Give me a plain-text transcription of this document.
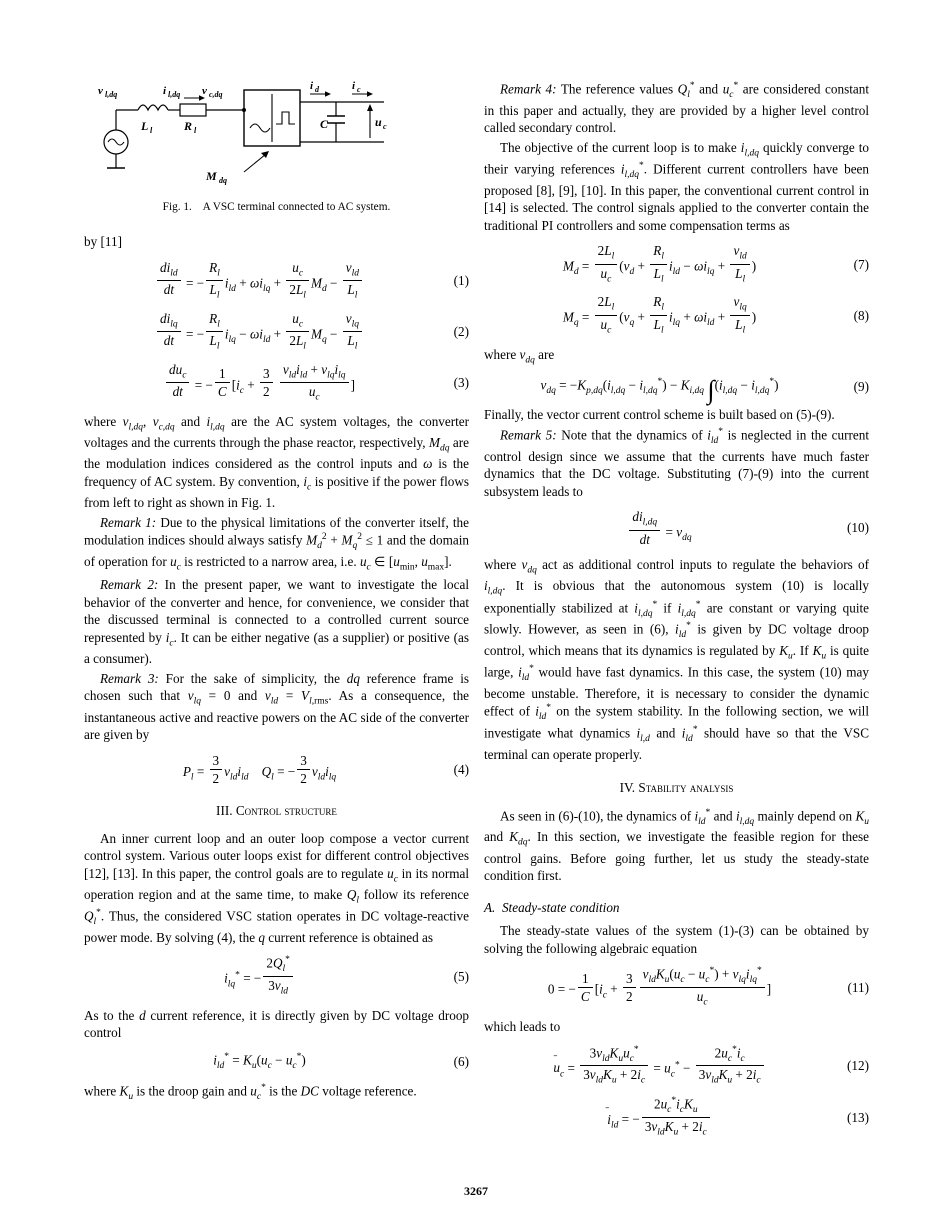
v l,dq	i l,dq v c,dq
i d	i c
L l	R l	C	u c
M dq
Fig. 1. A VSC terminal connected to AC system.

by [11]

$\frac{di_{ld}}{dt}$ = − $\frac{R_l}{L_l} i_{ld} + \omega i_{lq} + \frac{u_c}{2L_l} M_d - \frac{v_{ld}}{L_l}$	(1)
$\frac{di_{lq}}{dt}$ = − $\frac{R_l}{L_l} i_{lq} - \omega i_{ld} + \frac{u_c}{2L_l} M_q - \frac{v_{lq}}{L_l}$	(2)
$\frac{du_c}{dt}$ = − $\frac{1}{C} [i_c + \frac{3}{2}$
$\frac{v_{ld}i_{ld} + v_{lq}i_{lq}}{u_c}$ ]	(3)

where $v_{l,dq}$, $v_{c,dq}$ and $i_{l,dq}$ are the AC system voltages, the converter voltages and the currents through the phase reactor, respectively, $M_{dq}$ are the modulation indices considered as the control inputs and ω is the frequency of AC system. By convention, $i_c$ is positive if the power flows from left to right as shown in Fig. 1.

Remark 1: Due to the physical limitations of the converter itself, the modulation indices should always satisfy $M_d^2 + M_q^2 \le 1$ and the domain of operation for $u_c$ is restricted to a narrow area, i.e. $u_c$ ∈ [$u_{min}$, $u_{max}$].

Remark 2: In the present paper, we want to investigate the local behavior of the converter and hence, for convenience, we consider that the discussed terminal is connected to a controlled current source represented by $i_c$. It can be either negative (as a supplier) or positive (as a consumer).

Remark 3: For the sake of simplicity, the dq reference frame is chosen such that $v_{lq} = 0$ and $v_{ld} = V_{l,rms}$. As a consequence, the instantaneous active and reactive powers on the AC side of the converter are given by

$P_l = \frac{3}{2} v_{ld}i_{ld}$ $Q_l$ = − $\frac{3}{2} v_{ld}i_{lq}$
(4)

III. Control structure

An inner current loop and an outer loop compose a vector current control system. Various outer loops exist for different control objectives [12], [13]. In this paper, the control goals are to regulate $u_c$ in its normal operation region and at the same time, to make $Q_l$ follow its reference $Q_l^*$. Thus, the considered VSC station operates in DC voltage-reactive power mode. By solving (4), the q current reference is obtained as

$i_{lq}^*$ = − $\frac{2Q_l^*}{3v_{ld}}$	(5)

As to the d current reference, it is directly given by DC voltage droop control

$i_{ld}^* = K_u(u_c - u_c^*)$	(6)

where $K_u$ is the droop gain and $u_c^*$ is the DC voltage reference.

Remark 4: The reference values $Q_l^*$ and $u_c^*$ are considered constant in this paper and actually, they are provided by a higher level control called secondary control.

The objective of the current loop is to make $i_{l,dq}$ quickly converge to their varying references $i_{l,dq}^*$. Different current controllers have been proposed [8], [9], [10]. In this paper, the conventional current control in [14] is selected. The control signals applied to the converter contain the traditional PI controllers and some compensation terms as

$M_d = \frac{2L_l}{u_c} (v_d + \frac{R_l}{L_l} i_{ld} - \omega i_{lq} + \frac{v_{ld}}{L_l}$ )	(7)
$M_q = \frac{2L_l}{u_c} (v_q + \frac{R_l}{L_l} i_{lq} + \omega i_{ld} + \frac{v_{lq}}{L_l}$ )	(8)

where $v_{dq}$ are

$v_{dq} = -K_{p,dq}(i_{l,dq} - i_{l,dq}^*) - K_{i,dq}$ $\int(i_{l,dq} - i_{l,dq}^*)$	(9)

Finally, the vector current control scheme is built based on (5)-(9).

Remark 5: Note that the dynamics of $i_{ld}^*$ is neglected in the current control design since we assume that the currents have much faster dynamics that the DC voltage. Substituting (7)-(9) into the current subsystem leads to

$\frac{di_{l,dq}}{dt} = v_{dq}$
(10)

where $v_{dq}$ act as additional control inputs to regulate the behaviors of $i_{l,dq}$. It is obvious that the autonomous system (10) is locally exponentially stabilized at $i_{l,dq}^*$ if $i_{l,dq}^*$ are constant or varying quite slowly. However, as seen in (6), $i_{ld}^*$ is given by DC voltage droop control, which means that its dynamics is regulated by $K_u$. If $K_u$ is quite large, $i_{ld}^*$ would have fast dynamics. In this case, the system (10) may become unstable. Therefore, it is necessary to consider the dynamic effect of $i_{ld}^*$ on the system stability. In the following section, we will investigate what dynamics $i_{l,d}$ and $i_{ld}^*$ should have so that the VSC terminal can operate properly.

IV. Stability analysis

As seen in (6)-(10), the dynamics of $i_{ld}^*$ and $i_{l,dq}$ mainly depend on $K_u$ and $K_{dq}$. In this section, we investigate the feasible region for these control gains. Before going further, let us study the steady-state condition first.

A. Steady-state condition

The steady-state values of the system (1)-(3) can be obtained by solving the following algebraic equation

0 = − $\frac{1}{C} [i_c + \frac{3}{2} \frac{v_{ld}K_u(u_c - u_c^*) + v_{lq}i_{lq}^*}{u_c}$ ]	(11)

which leads to

$u_c = \frac{3v_{ld}K_uu_c^*}{3v_{ld}K_u + 2i_c} = u_c^* - \frac{2u_c^*i_c}{3v_{ld}K_u + 2i_c}$	(12)
$i_{ld}$ = − $\frac{2u_c^*i_cK_u}{3v_{ld}K_u + 2i_c}$	(13)
3267
